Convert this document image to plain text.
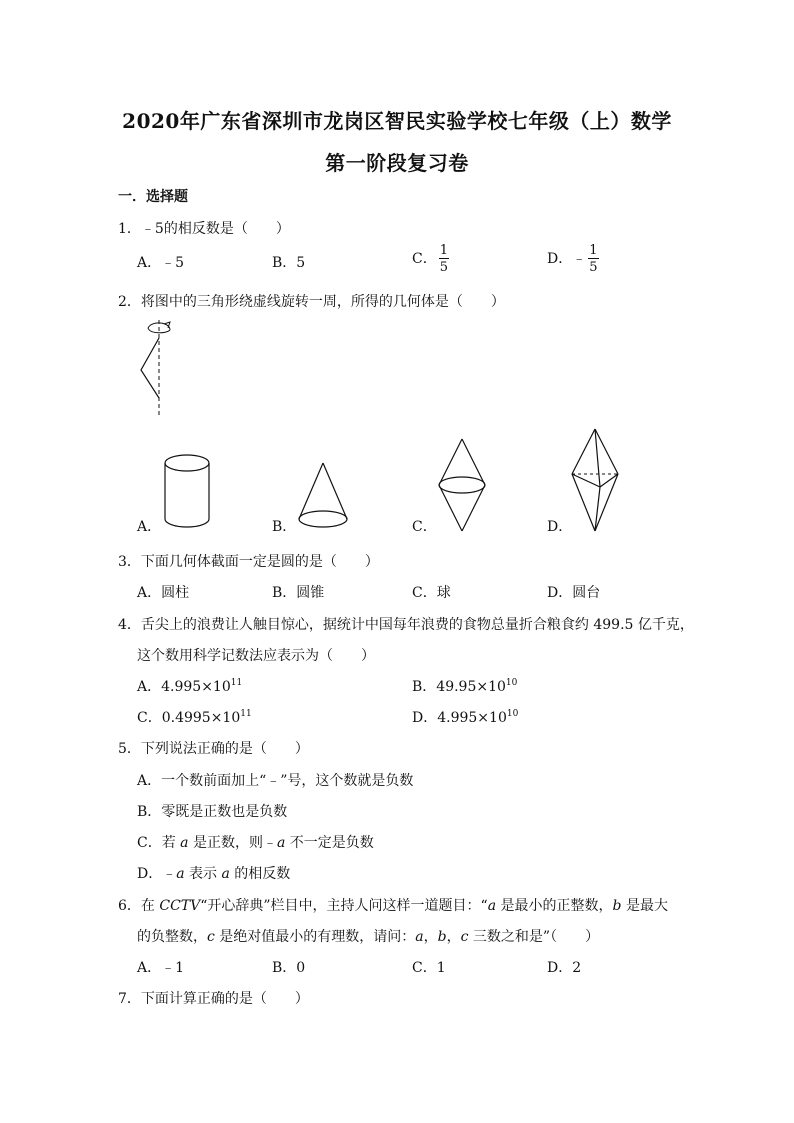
2020年广东省深圳市龙岗区智民实验学校七年级（上）数学
第一阶段复习卷
一．选择题
1．﹣5的相反数是（　　）
A．﹣5	B．5	C． $\frac{1}{5}$	D．﹣ $\frac{1}{5}$
2．将图中的三角形绕虚线旋转一周，所得的几何体是（　　）
A．	B．	C．	D．
3．下面几何体截面一定是圆的是（　　）
A．圆柱	B．圆锥	C．球	D．圆台
4．舌尖上的浪费让人触目惊心，据统计中国每年浪费的食物总量折合粮食约 499.5 亿千克，
这个数用科学记数法应表示为（　　）
A．$4.995\times 10^{11}$	B．$49.95\times 10^{10}$
C．$0.4995\times 10^{11}$	D．$4.995\times 10^{10}$
5．下列说法正确的是（　　）
A．一个数前面加上“﹣”号，这个数就是负数
B．零既是正数也是负数
C．若 a 是正数，则﹣a 不一定是负数
D．﹣a 表示 a 的相反数
6．在 CCTV“开心辞典”栏目中，主持人问这样一道题目：“a 是最小的正整数，b 是最大
的负整数，c 是绝对值最小的有理数，请问：a，b，c 三数之和是”（　　）
A．﹣1	B．0	C．1	D．2
7．下面计算正确的是（　　）
